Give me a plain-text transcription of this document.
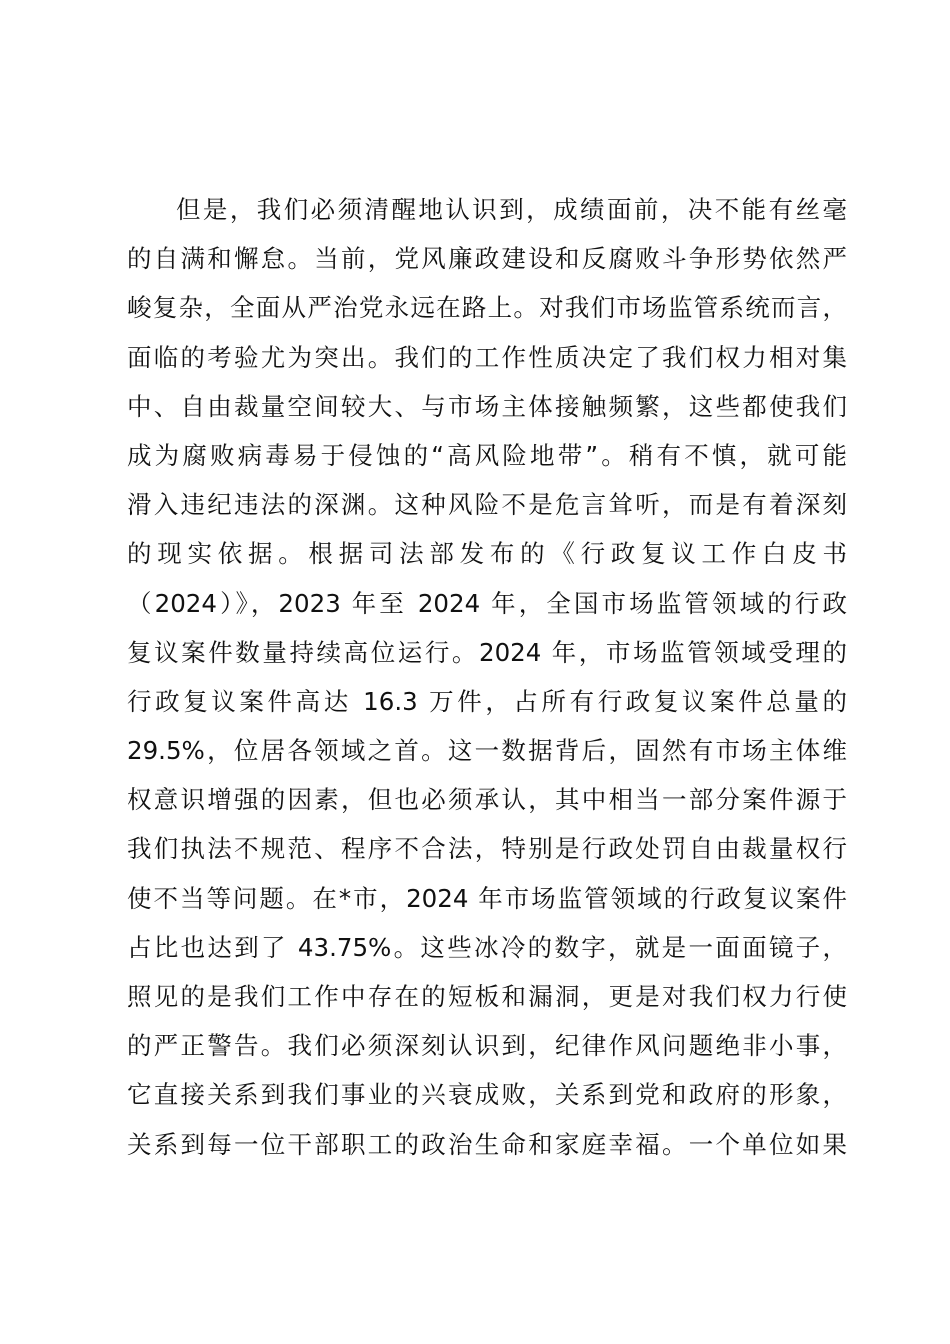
但是，我们必须清醒地认识到，成绩面前，决不能有丝毫
的自满和懈怠。当前，党风廉政建设和反腐败斗争形势依然严
峻复杂，全面从严治党永远在路上。对我们市场监管系统而言，
面临的考验尤为突出。我们的工作性质决定了我们权力相对集
中、自由裁量空间较大、与市场主体接触频繁，这些都使我们
成为腐败病毒易于侵蚀的“高风险地带”。稍有不慎，就可能
滑入违纪违法的深渊。这种风险不是危言耸听，而是有着深刻
的现实依据。根据司法部发布的《行政复议工作白皮书
（2024）》，2023 年至 2024 年，全国市场监管领域的行政
复议案件数量持续高位运行。2024 年，市场监管领域受理的
行政复议案件高达 16.3 万件，占所有行政复议案件总量的
29.5%，位居各领域之首。这一数据背后，固然有市场主体维
权意识增强的因素，但也必须承认，其中相当一部分案件源于
我们执法不规范、程序不合法，特别是行政处罚自由裁量权行
使不当等问题。在*市，2024 年市场监管领域的行政复议案件
占比也达到了 43.75%。这些冰冷的数字，就是一面面镜子，
照见的是我们工作中存在的短板和漏洞，更是对我们权力行使
的严正警告。我们必须深刻认识到，纪律作风问题绝非小事，
它直接关系到我们事业的兴衰成败，关系到党和政府的形象，
关系到每一位干部职工的政治生命和家庭幸福。一个单位如果
